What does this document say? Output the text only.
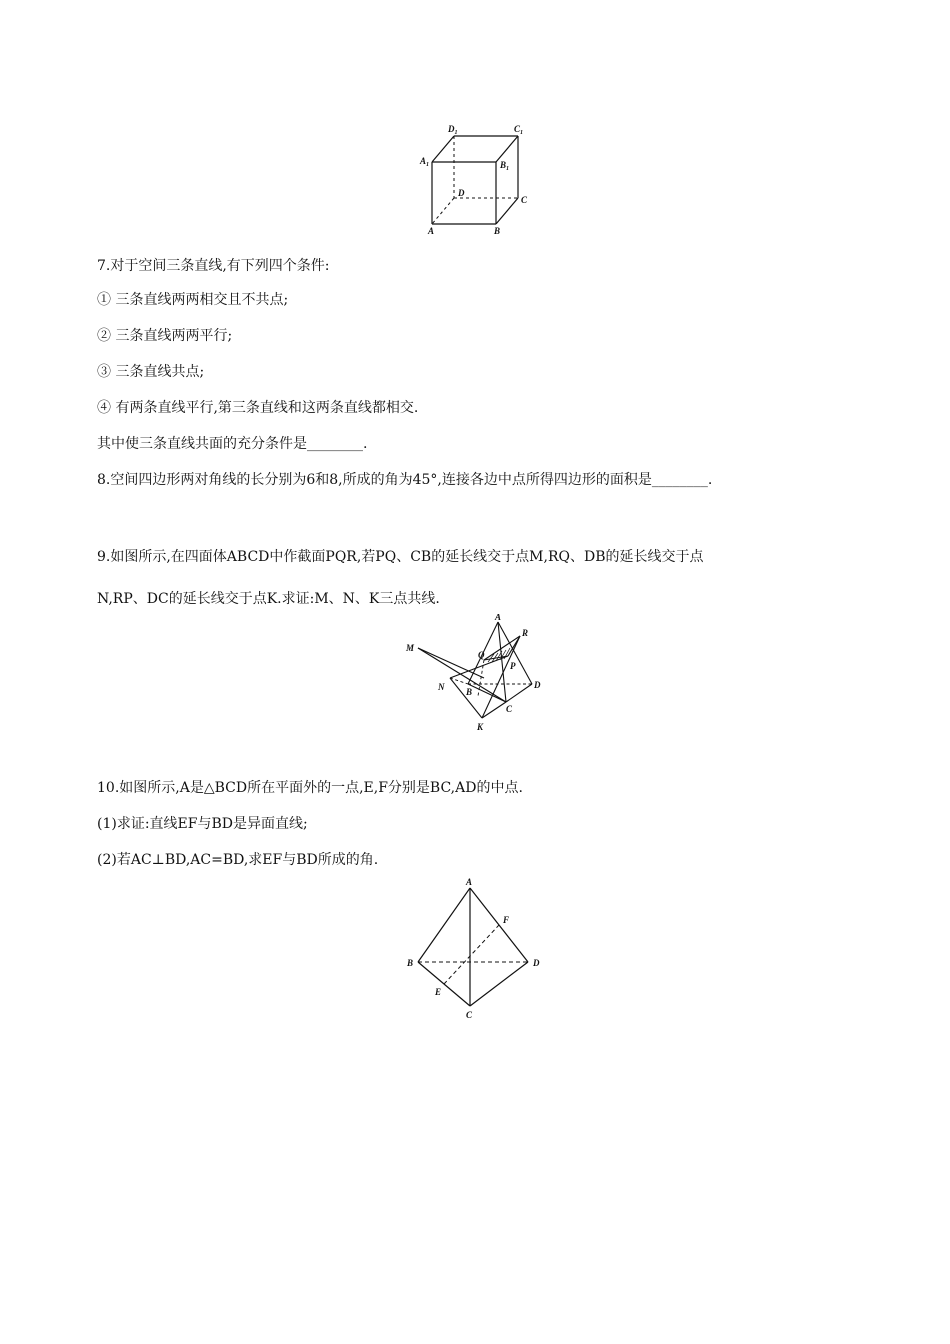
$D_1$	$C_1$
$A_1$	$B_1$
D
C
A	B
7.对于空间三条直线,有下列四个条件:
① 三条直线两两相交且不共点;
② 三条直线两两平行;
③ 三条直线共点;
④ 有两条直线平行,第三条直线和这两条直线都相交.
其中使三条直线共面的充分条件是________.
8.空间四边形两对角线的长分别为6和8,所成的角为45°,连接各边中点所得四边形的面积是________.
9.如图所示,在四面体ABCD中作截面PQR,若PQ、CB的延长线交于点M,RQ、DB的延长线交于点
N,RP、DC的延长线交于点K.求证:M、N、K三点共线.
A
R
M
Q
P
D
N B
C
K
10.如图所示,A是△BCD所在平面外的一点,E,F分别是BC,AD的中点.
(1)求证:直线EF与BD是异面直线;
(2)若AC⊥BD,AC=BD,求EF与BD所成的角.
A
F
B	D
E
C
